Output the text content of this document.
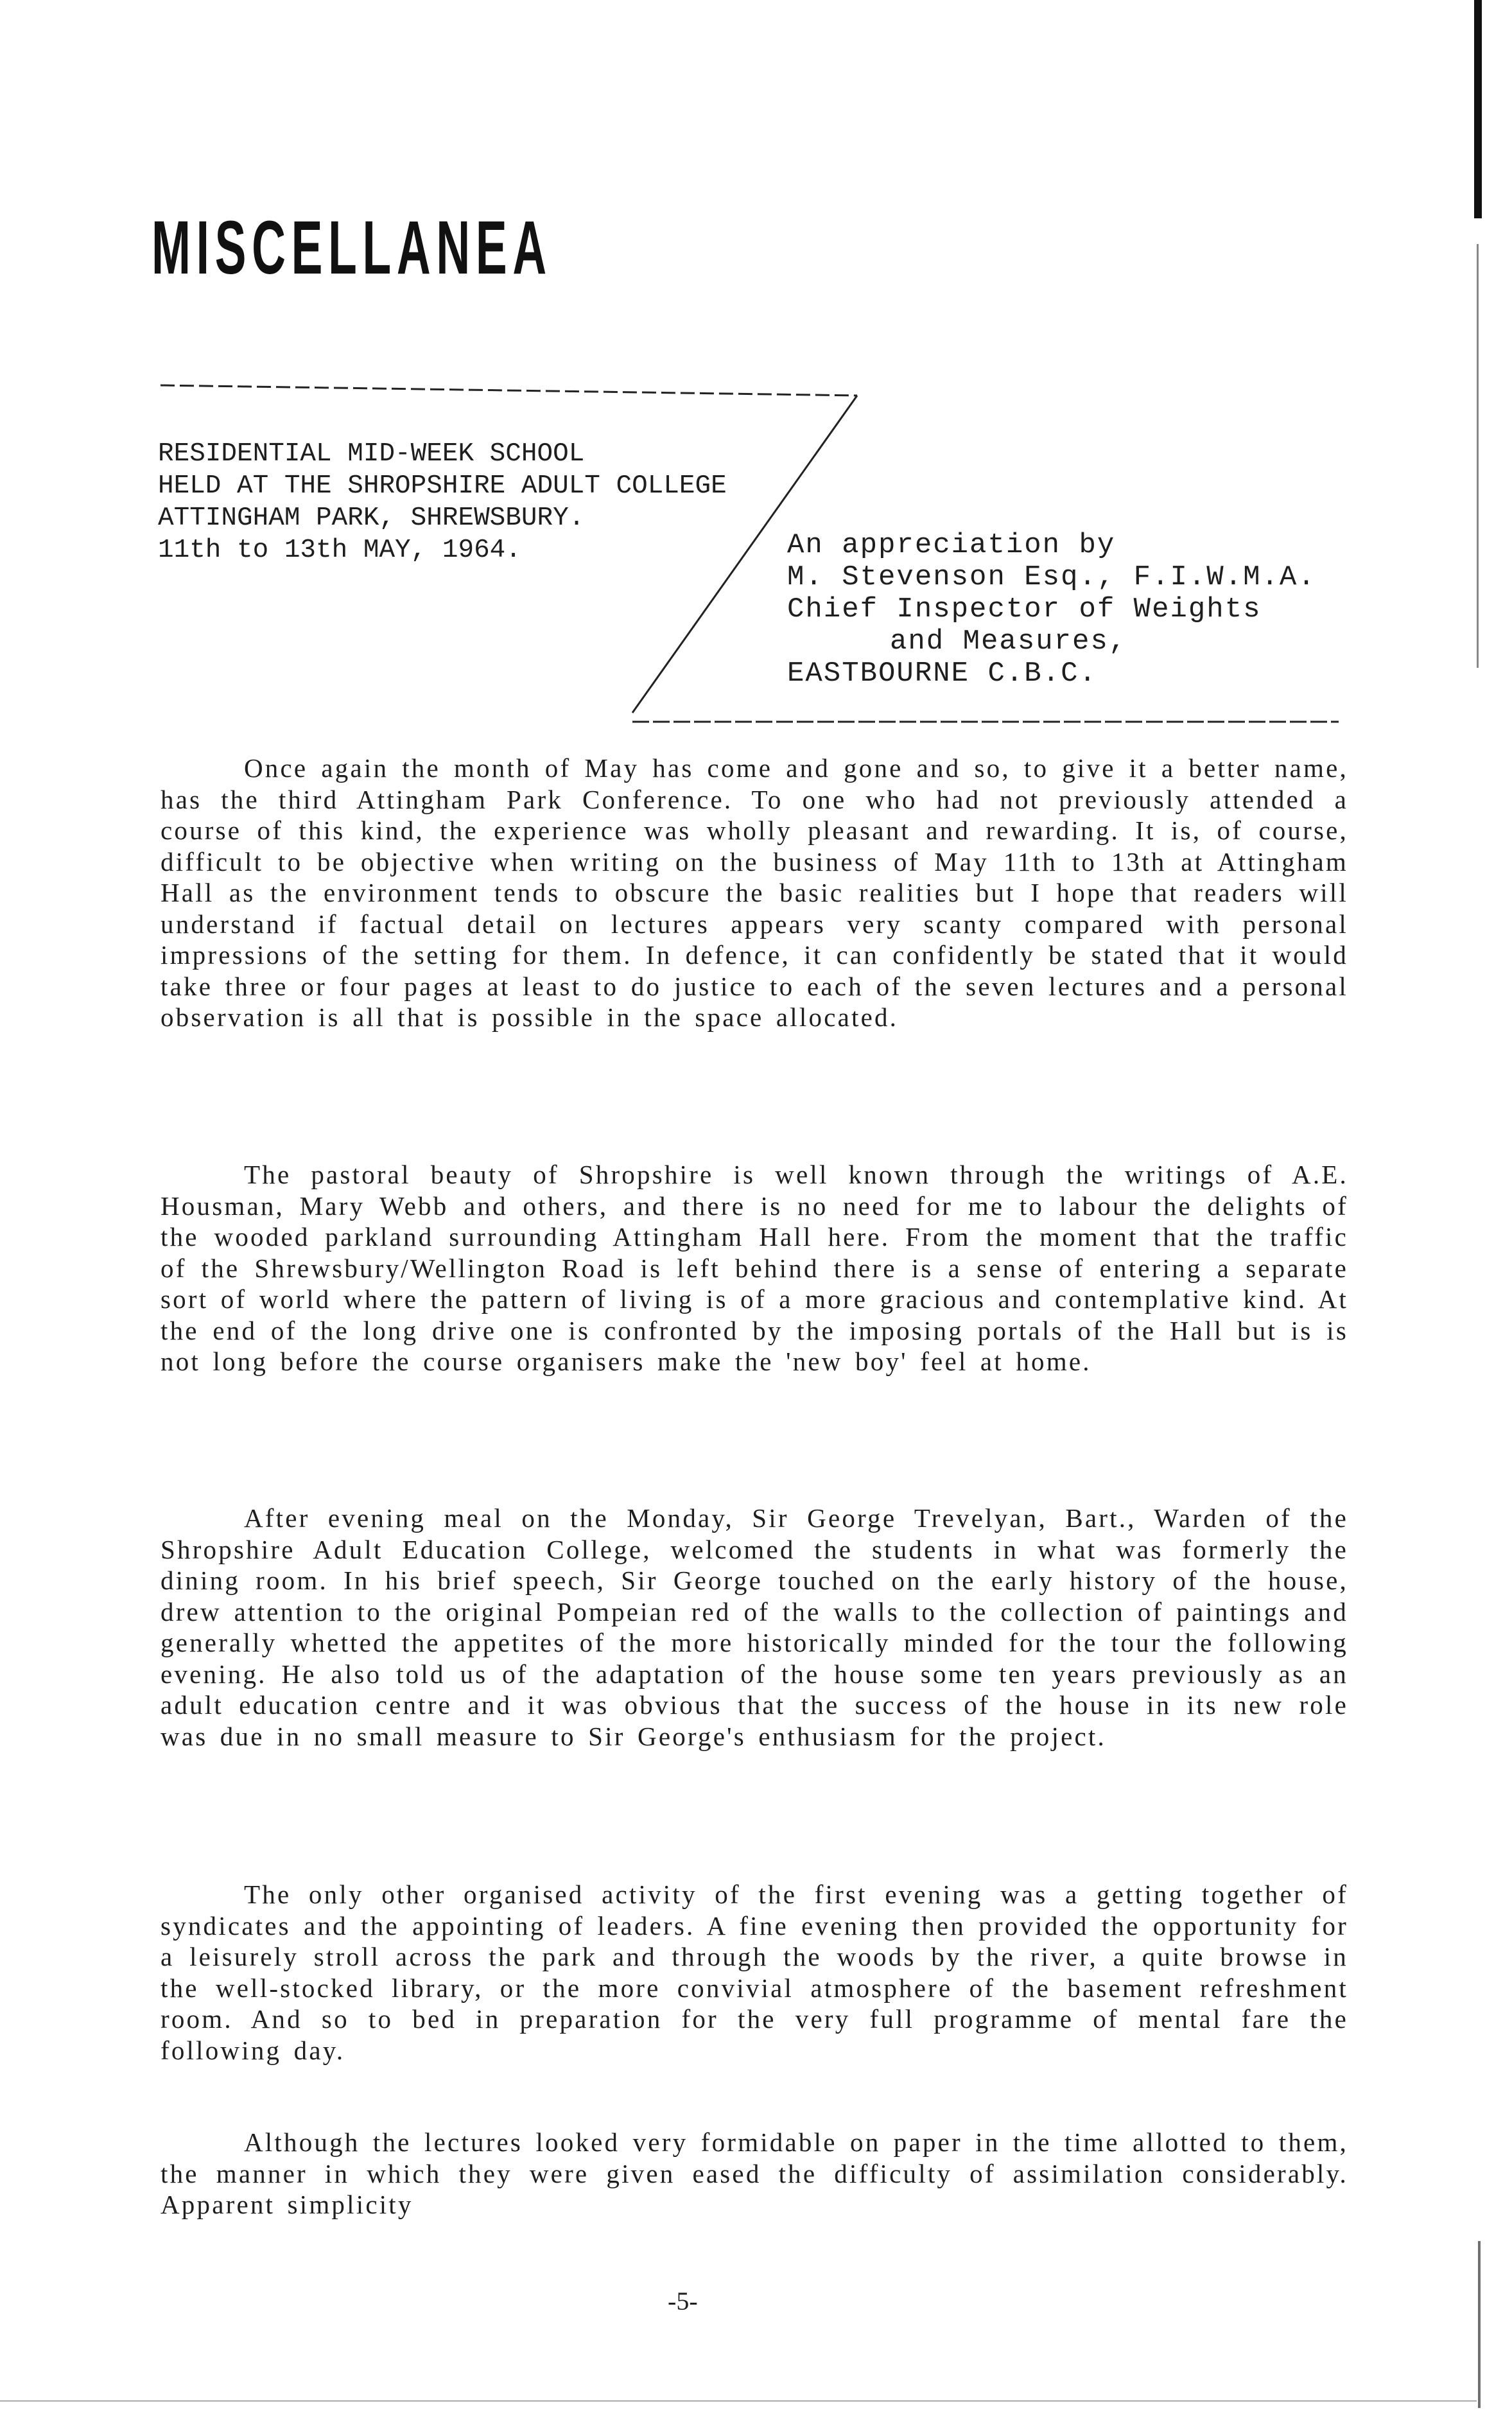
MISCELLANEA
RESIDENTIAL MID-WEEK SCHOOL
HELD AT THE SHROPSHIRE ADULT COLLEGE
ATTINGHAM PARK, SHREWSBURY.
11th to 13th MAY, 1964.	An appreciation by
M. Stevenson Esq., F.I.W.M.A.
Chief Inspector of Weights
and Measures,
EASTBOURNE C.B.C.

Once again the month of May has come and gone and so, to give it a better name, has the third Attingham Park Conference. To one who had not previously attended a course of this kind, the experience was wholly pleasant and rewarding. It is, of course, difficult to be objective when writing on the business of May 11th to 13th at Attingham Hall as the environment tends to obscure the basic realities but I hope that readers will understand if factual detail on lectures appears very scanty compared with personal impressions of the setting for them. In defence, it can confidently be stated that it would take three or four pages at least to do justice to each of the seven lectures and a personal observation is all that is possible in the space allocated.

The pastoral beauty of Shropshire is well known through the writings of A.E. Housman, Mary Webb and others, and there is no need for me to labour the delights of the wooded parkland surrounding Attingham Hall here. From the moment that the traffic of the Shrewsbury/Wellington Road is left behind there is a sense of entering a separate sort of world where the pattern of living is of a more gracious and contemplative kind. At the end of the long drive one is confronted by the imposing portals of the Hall but is is not long before the course organisers make the 'new boy' feel at home.

After evening meal on the Monday, Sir George Trevelyan, Bart., Warden of the Shropshire Adult Education College, welcomed the students in what was formerly the dining room. In his brief speech, Sir George touched on the early history of the house, drew attention to the original Pompeian red of the walls to the collection of paintings and generally whetted the appetites of the more historically minded for the tour the following evening. He also told us of the adaptation of the house some ten years previously as an adult education centre and it was obvious that the success of the house in its new role was due in no small measure to Sir George's enthusiasm for the project.

The only other organised activity of the first evening was a getting together of syndicates and the appointing of leaders. A fine evening then provided the opportunity for a leisurely stroll across the park and through the woods by the river, a quite browse in the well-stocked library, or the more convivial atmosphere of the basement refreshment room. And so to bed in preparation for the very full programme of mental fare the following day.

Although the lectures looked very formidable on paper in the time allotted to them, the manner in which they were given eased the difficulty of assimilation considerably. Apparent simplicity

-5-
